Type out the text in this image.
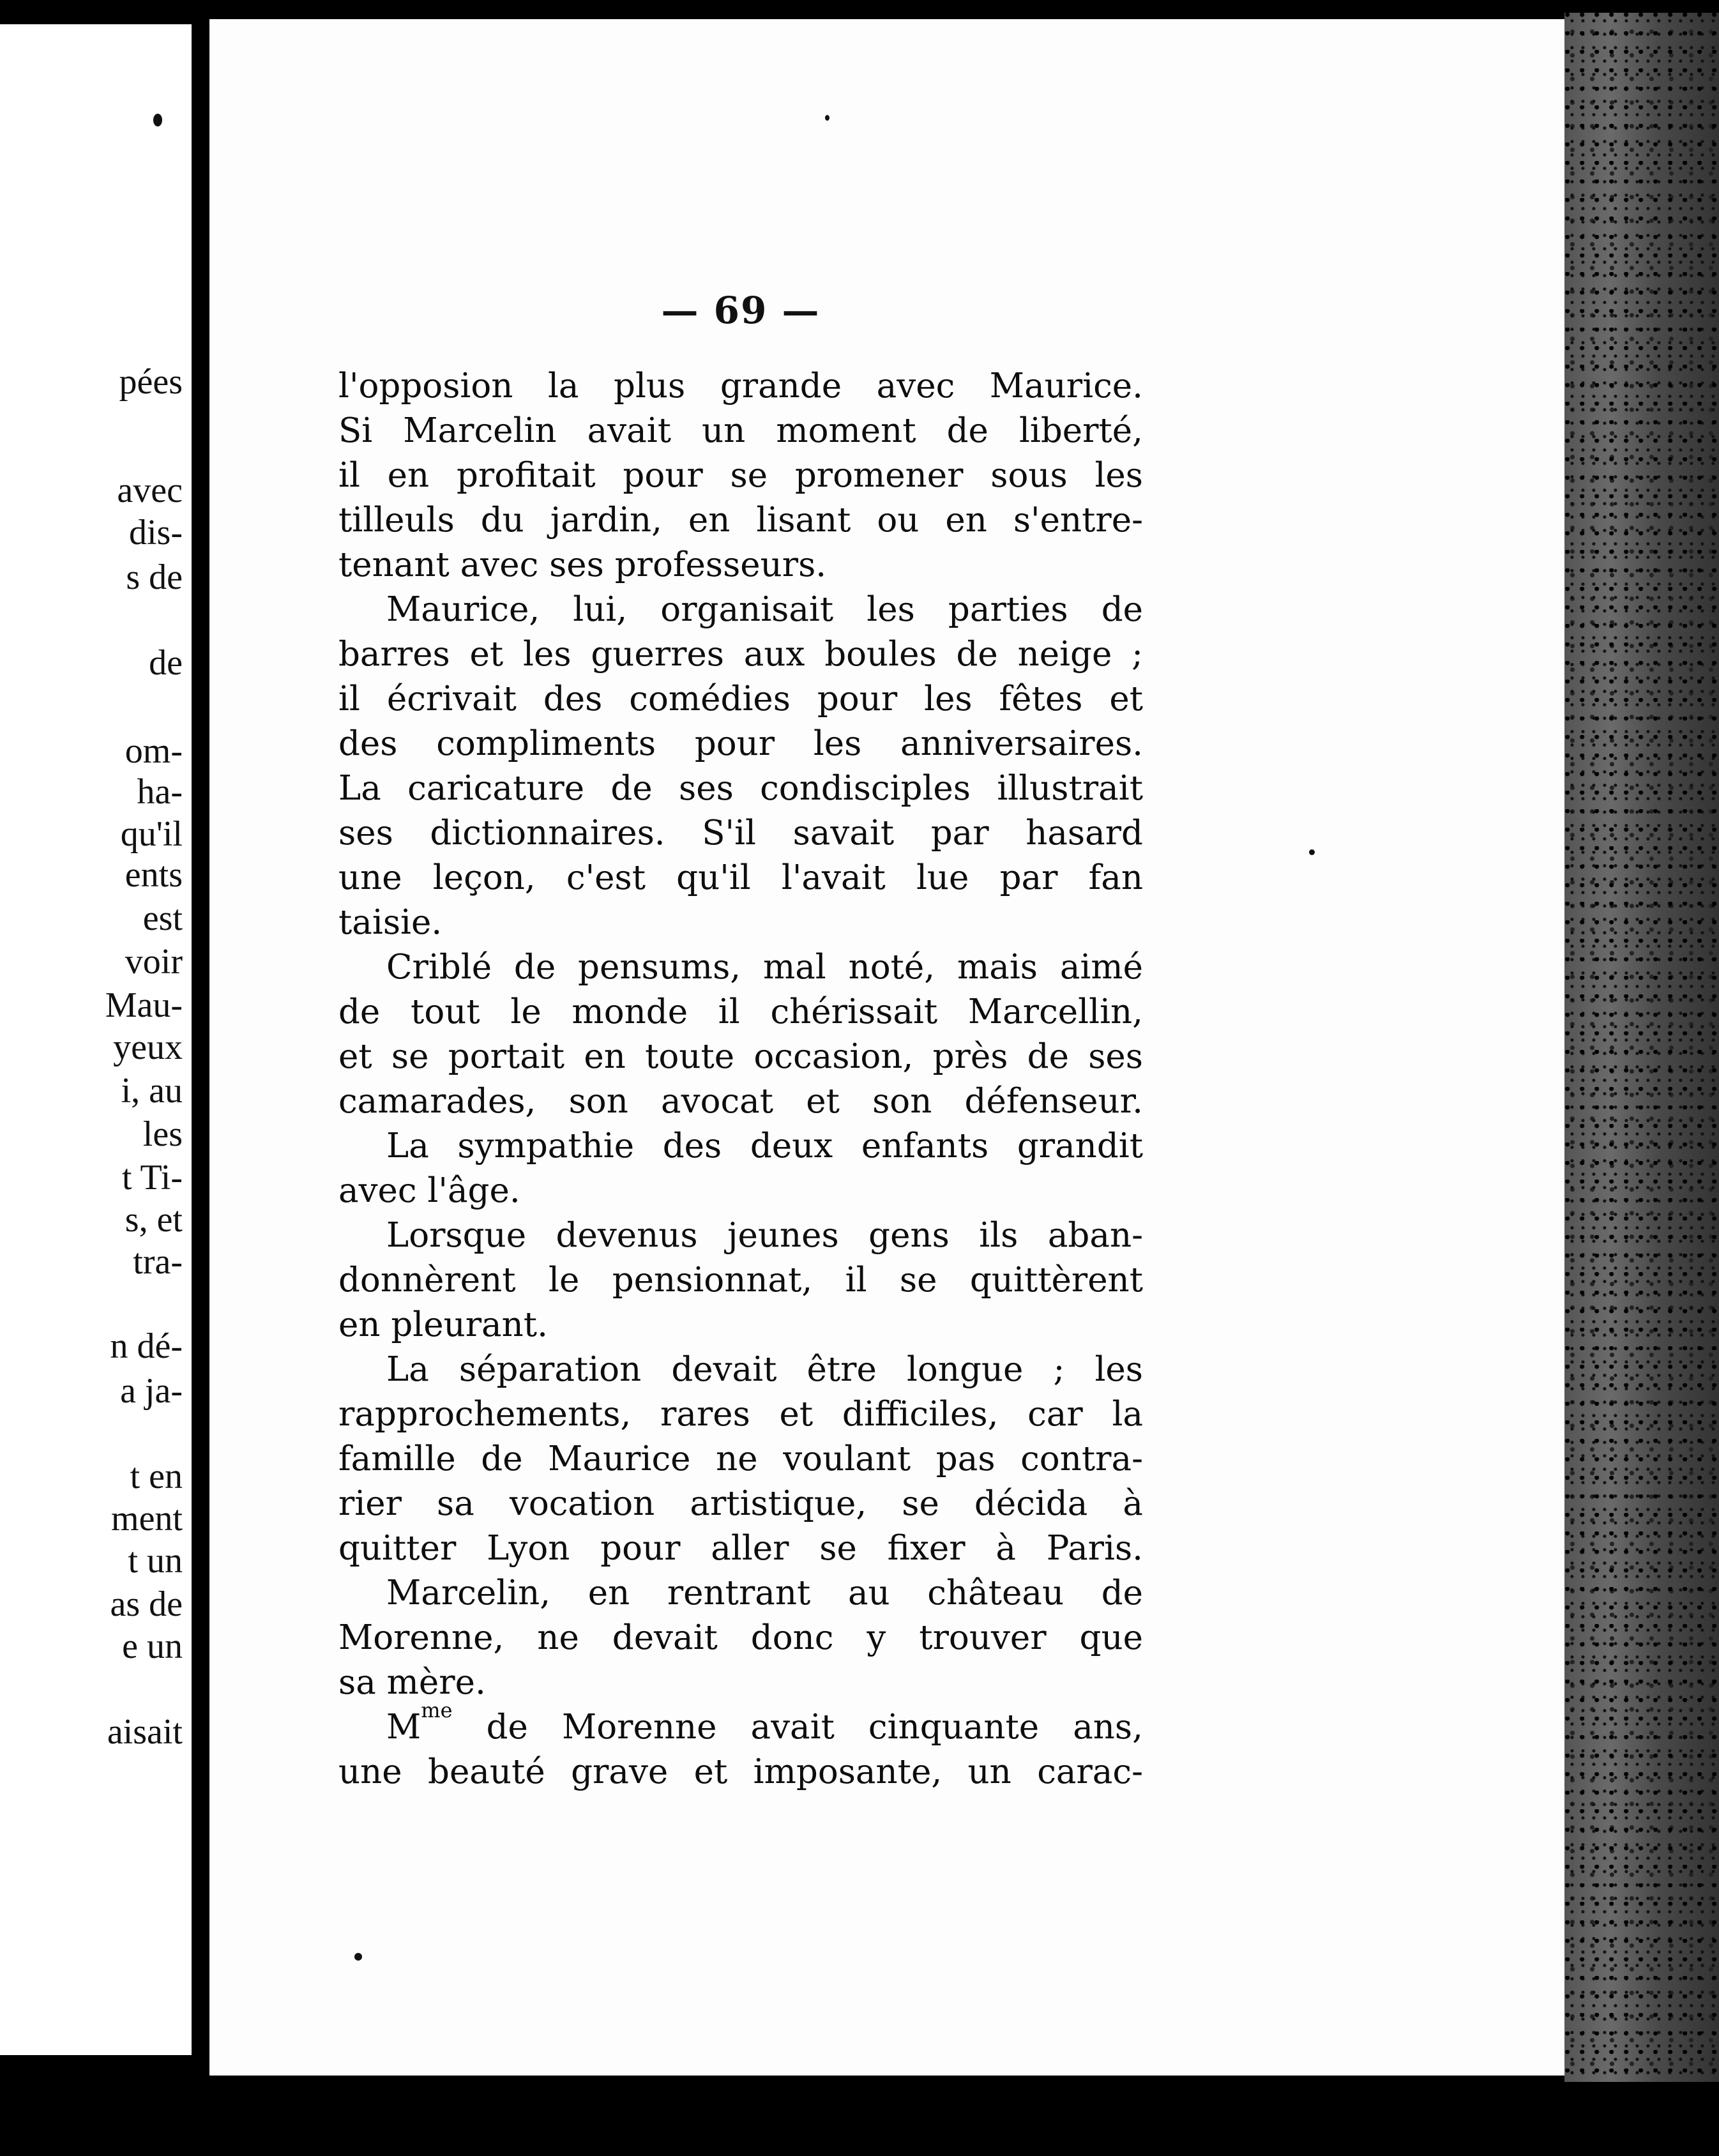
pées
avec
dis-
s de
de
om-
ha-
qu'il
ents
est
voir
Mau-
yeux
i, au
les
t Ti-
s, et
tra-
n dé-
a ja-
t en
ment
t un
as de
e un
aisait
— 69 —
l'opposion la plus grande avec Maurice.
Si Marcelin avait un moment de liberté,
il en profitait pour se promener sous les
tilleuls du jardin, en lisant ou en s'entre-
tenant avec ses professeurs.
Maurice, lui, organisait les parties de
barres et les guerres aux boules de neige ;
il écrivait des comédies pour les fêtes et
des compliments pour les anniversaires.
La caricature de ses condisciples illustrait
ses dictionnaires. S'il savait par hasard
une leçon, c'est qu'il l'avait lue par fan
taisie.
Criblé de pensums, mal noté, mais aimé
de tout le monde il chérissait Marcellin,
et se portait en toute occasion, près de ses
camarades, son avocat et son défenseur.
La sympathie des deux enfants grandit
avec l'âge.
Lorsque devenus jeunes gens ils aban-
donnèrent le pensionnat, il se quittèrent
en pleurant.
La séparation devait être longue ; les
rapprochements, rares et difficiles, car la
famille de Maurice ne voulant pas contra-
rier sa vocation artistique, se décida à
quitter Lyon pour aller se fixer à Paris.
Marcelin, en rentrant au château de
Morenne, ne devait donc y trouver que
sa mère.
$M^{me}$ de Morenne avait cinquante ans,
une beauté grave et imposante, un carac-
